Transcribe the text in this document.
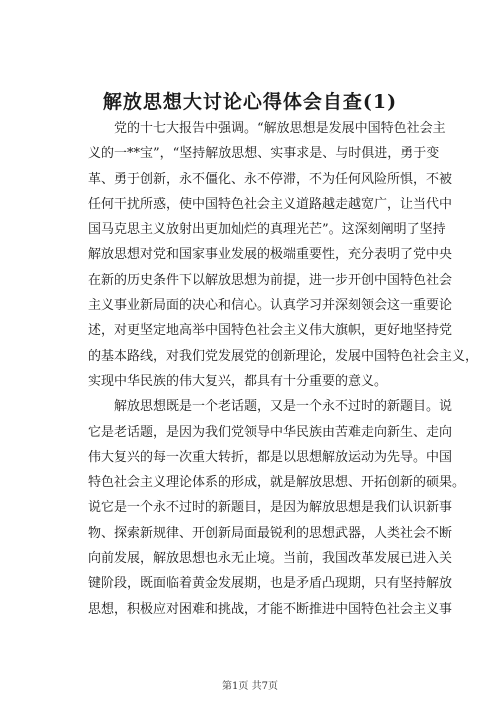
解放思想大讨论心得体会自查(1)
党的十七大报告中强调。“解放思想是发展中国特色社会主
义的一**宝”，“坚持解放思想、实事求是、与时俱进，勇于变
革、勇于创新，永不僵化、永不停滞，不为任何风险所惧，不被
任何干扰所惑，使中国特色社会主义道路越走越宽广，让当代中
国马克思主义放射出更加灿烂的真理光芒”。这深刻阐明了坚持
解放思想对党和国家事业发展的极端重要性，充分表明了党中央
在新的历史条件下以解放思想为前提，进一步开创中国特色社会
主义事业新局面的决心和信心。认真学习并深刻领会这一重要论
述，对更坚定地高举中国特色社会主义伟大旗帜，更好地坚持党
的基本路线，对我们党发展党的创新理论，发展中国特色社会主义，
实现中华民族的伟大复兴，都具有十分重要的意义。
解放思想既是一个老话题，又是一个永不过时的新题目。说
它是老话题，是因为我们党领导中华民族由苦难走向新生、走向
伟大复兴的每一次重大转折，都是以思想解放运动为先导。中国
特色社会主义理论体系的形成，就是解放思想、开拓创新的硕果。
说它是一个永不过时的新题目，是因为解放思想是我们认识新事
物、探索新规律、开创新局面最锐利的思想武器，人类社会不断
向前发展，解放思想也永无止境。当前，我国改革发展已进入关
键阶段，既面临着黄金发展期，也是矛盾凸现期，只有坚持解放
思想，积极应对困难和挑战，才能不断推进中国特色社会主义事
第1页 共7页
